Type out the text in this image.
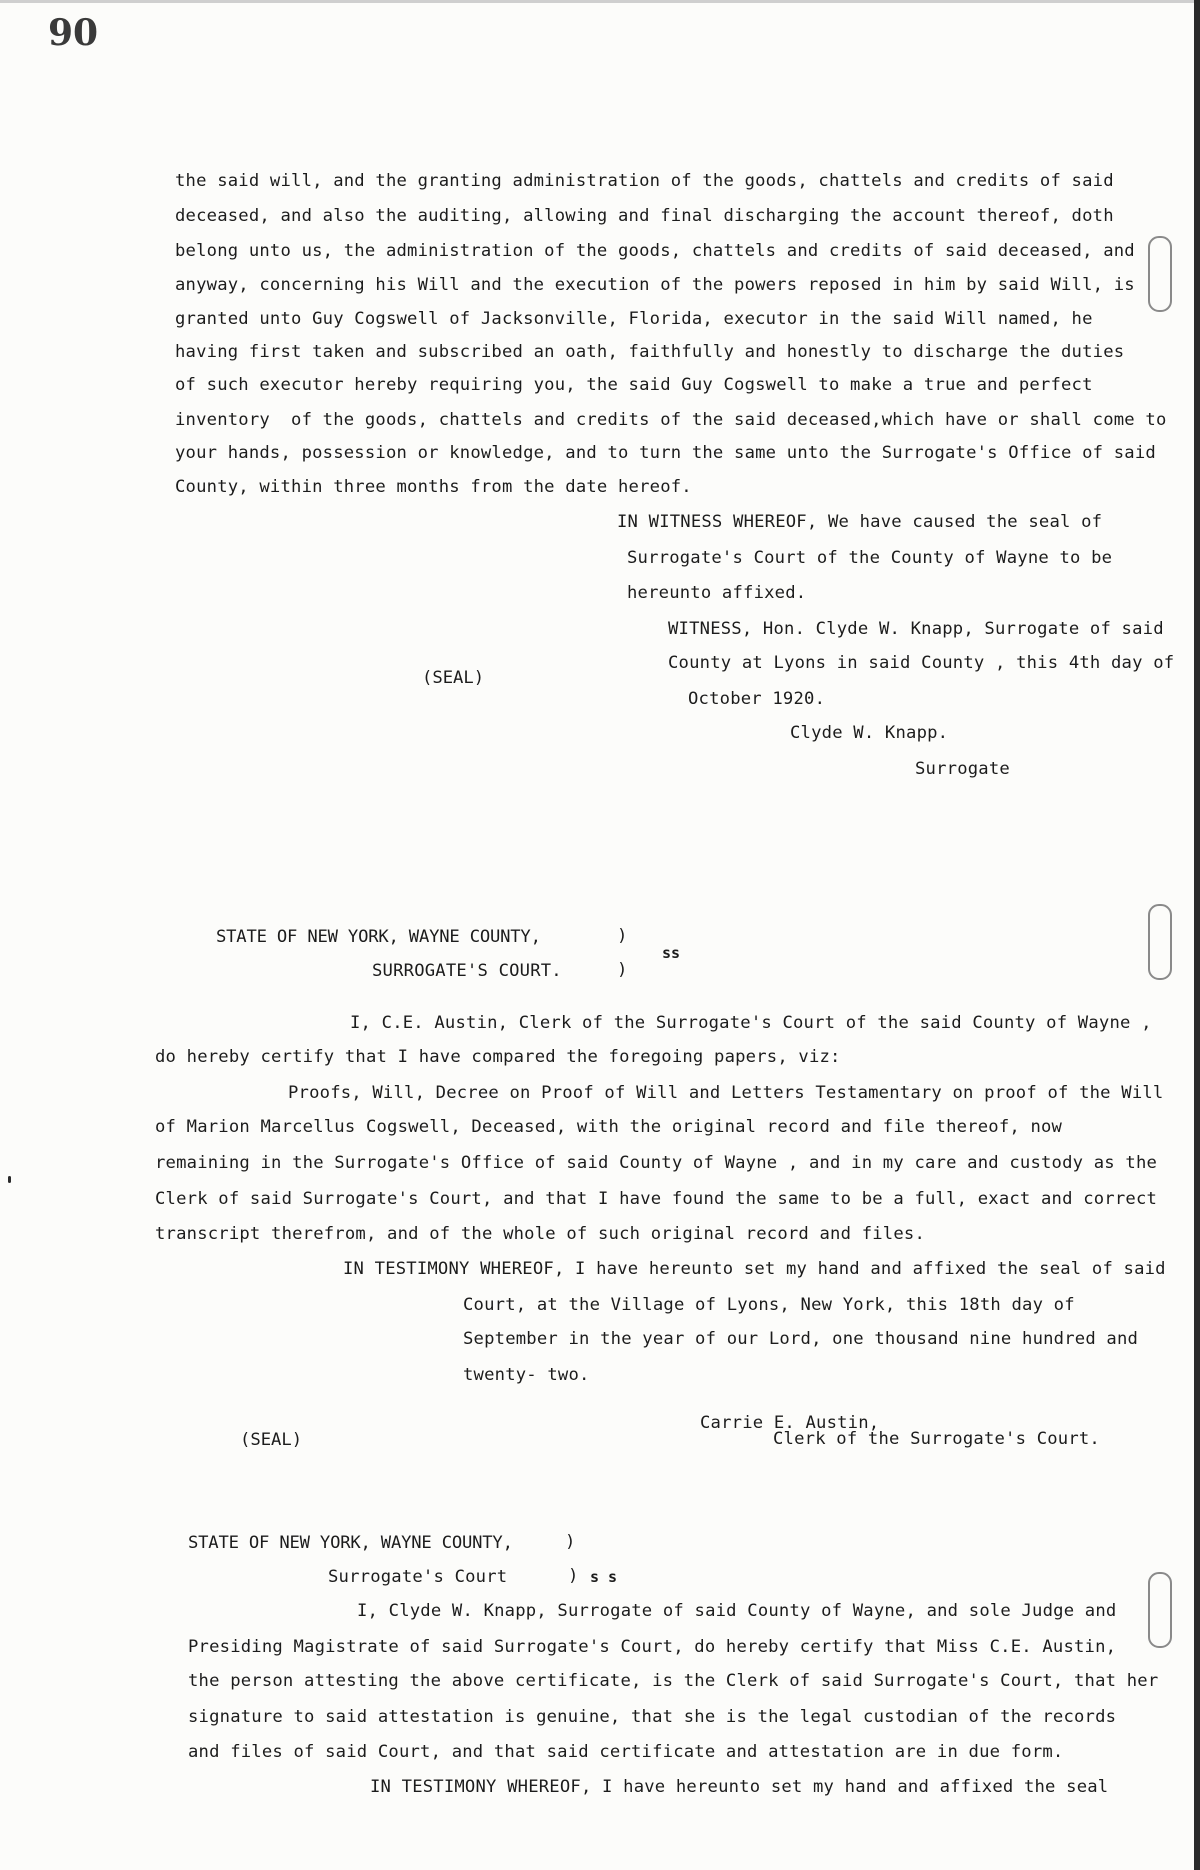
90
the said will, and the granting administration of the goods, chattels and credits of said
deceased, and also the auditing, allowing and final discharging the account thereof, doth
belong unto us, the administration of the goods, chattels and credits of said deceased, and
anyway, concerning his Will and the execution of the powers reposed in him by said Will, is
granted unto Guy Cogswell of Jacksonville, Florida, executor in the said Will named, he
having first taken and subscribed an oath, faithfully and honestly to discharge the duties
of such executor hereby requiring you, the said Guy Cogswell to make a true and perfect
inventory  of the goods, chattels and credits of the said deceased,which have or shall come to
your hands, possession or knowledge, and to turn the same unto the Surrogate's Office of said
County, within three months from the date hereof.
IN WITNESS WHEREOF, We have caused the seal of
Surrogate's Court of the County of Wayne to be
hereunto affixed.
WITNESS, Hon. Clyde W. Knapp, Surrogate of said
County at Lyons in said County , this 4th day of
October 1920.
(SEAL)
Clyde W. Knapp.
Surrogate
STATE OF NEW YORK, WAYNE COUNTY,
SURROGATE'S COURT.
)
)
ss
I, C.E. Austin, Clerk of the Surrogate's Court of the said County of Wayne ,
do hereby certify that I have compared the foregoing papers, viz:
Proofs, Will, Decree on Proof of Will and Letters Testamentary on proof of the Will
of Marion Marcellus Cogswell, Deceased, with the original record and file thereof, now
remaining in the Surrogate's Office of said County of Wayne , and in my care and custody as the
Clerk of said Surrogate's Court, and that I have found the same to be a full, exact and correct
transcript therefrom, and of the whole of such original record and files.
IN TESTIMONY WHEREOF, I have hereunto set my hand and affixed the seal of said
Court, at the Village of Lyons, New York, this 18th day of
September in the year of our Lord, one thousand nine hundred and
twenty- two.
(SEAL)
Carrie E. Austin,
Clerk of the Surrogate's Court.
STATE OF NEW YORK, WAYNE COUNTY,
Surrogate's Court
)
) s s
I, Clyde W. Knapp, Surrogate of said County of Wayne, and sole Judge and
Presiding Magistrate of said Surrogate's Court, do hereby certify that Miss C.E. Austin,
the person attesting the above certificate, is the Clerk of said Surrogate's Court, that her
signature to said attestation is genuine, that she is the legal custodian of the records
and files of said Court, and that said certificate and attestation are in due form.
IN TESTIMONY WHEREOF, I have hereunto set my hand and affixed the seal
